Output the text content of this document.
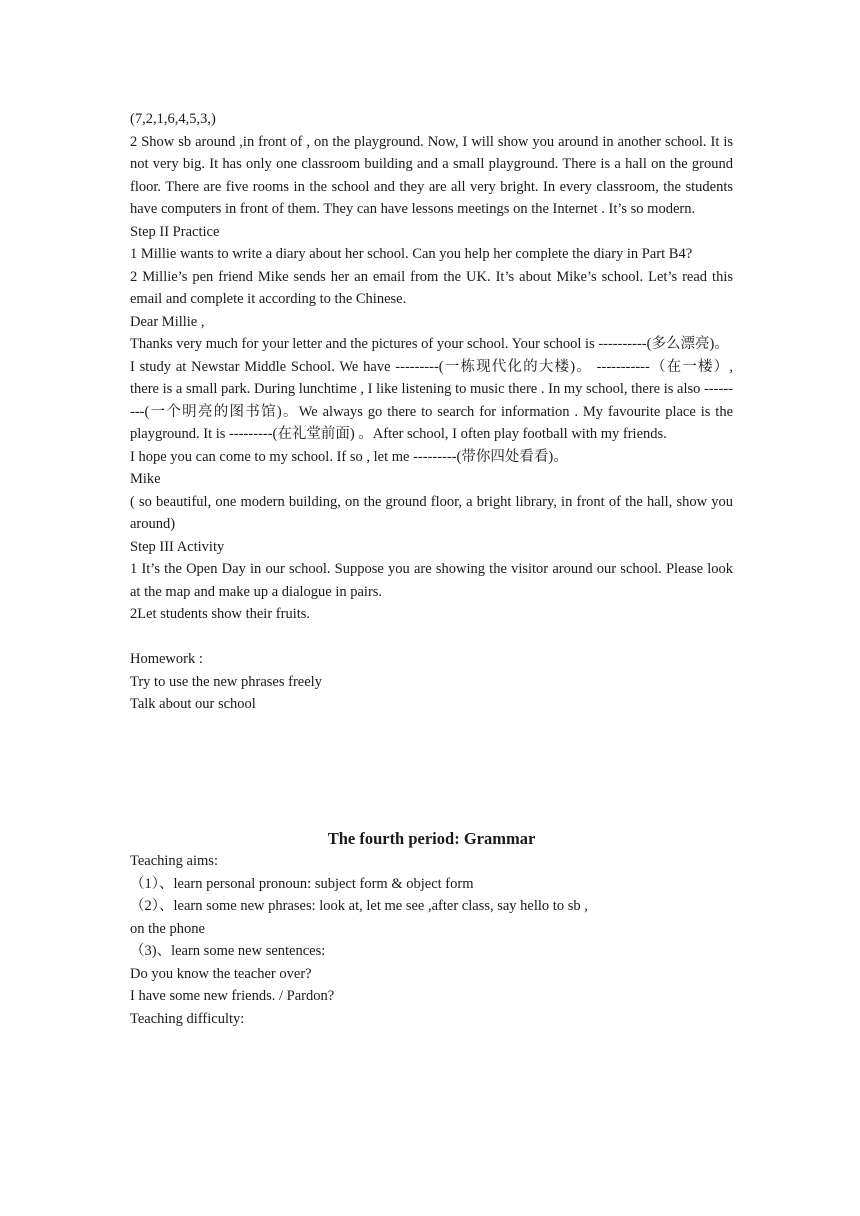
(7,2,1,6,4,5,3,)

2 Show sb around ,in front of , on the playground. Now, I will show you around in another school. It is not very big. It has only one classroom building and a small playground. There is a hall on the ground floor. There are five rooms in the school and they are all very bright. In every classroom, the students have computers in front of them. They can have lessons meetings on the Internet . It’s so modern.

Step II Practice

1 Millie wants to write a diary about her school. Can you help her complete the diary in Part B4?

2 Millie’s pen friend Mike sends her an email from the UK. It’s about Mike’s school. Let’s read this email and complete it according to the Chinese.

Dear Millie ,

Thanks very much for your letter and the pictures of your school. Your school is ----------(多么漂亮)。

I study at Newstar Middle School. We have ---------(一栋现代化的大楼)。 -----------（在一楼）, there is a small park. During lunchtime , I like listening to music there . In my school, there is also ---------(一个明亮的图书馆)。We always go there to search for information . My favourite place is the playground. It is ---------(在礼堂前面) 。After school, I often play football with my friends.

I hope you can come to my school. If so , let me ---------(带你四处看看)。

Mike

( so beautiful, one modern building, on the ground floor, a bright library, in front of the hall, show you around)

Step III Activity

1 It’s the Open Day in our school. Suppose you are showing the visitor around our school. Please look at the map and make up a dialogue in pairs.

2Let students show their fruits.

Homework :

Try to use the new phrases freely

Talk about our school

The fourth period: Grammar

Teaching aims:

（1）、learn personal pronoun: subject form & object form

（2）、learn some new phrases: look at, let me see ,after class, say hello to sb ,

on the phone

（3)、learn some new sentences:

Do you know the teacher over?

I have some new friends. / Pardon?

Teaching difficulty:
